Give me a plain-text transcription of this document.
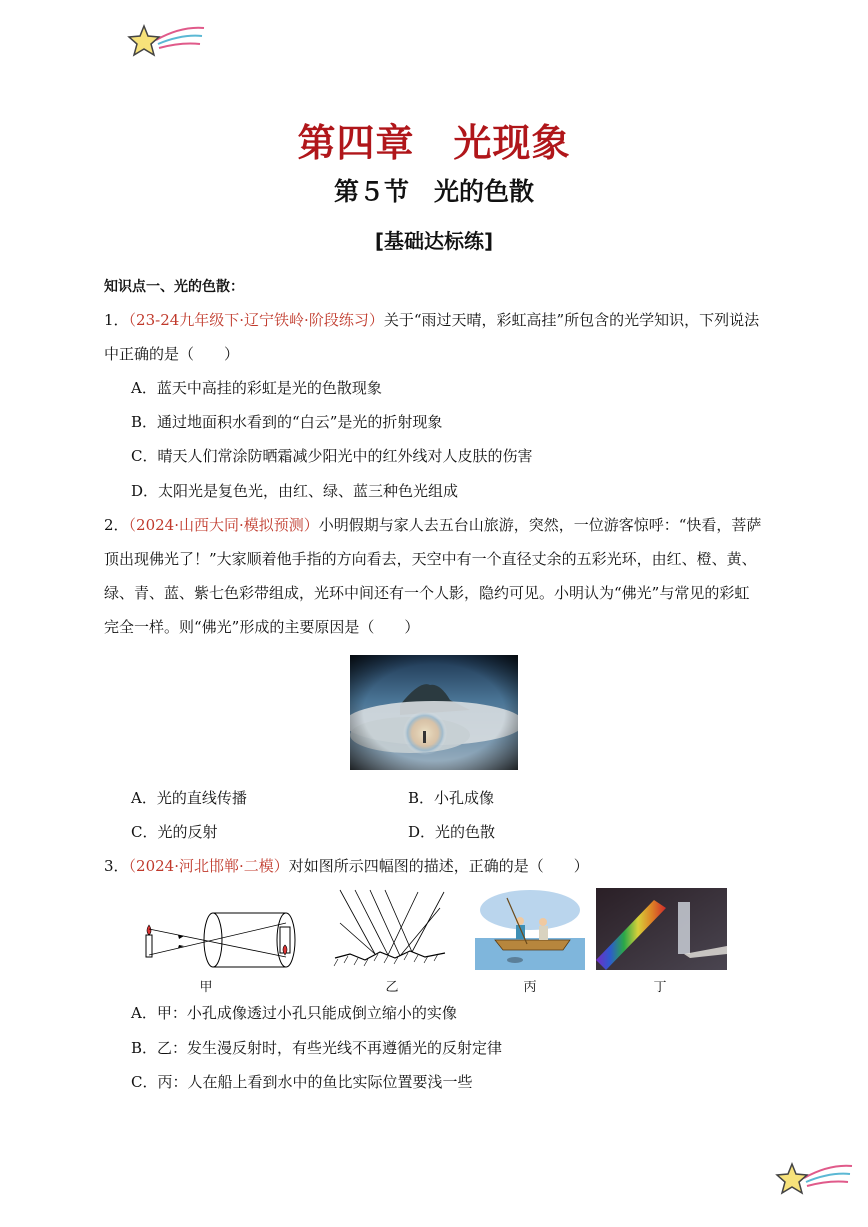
第四章　光现象
第５节　光的色散
[基础达标练]
知识点一、光的色散：
1．（23-24九年级下·辽宁铁岭·阶段练习）关于“雨过天晴，彩虹高挂”所包含的光学知识，下列说法
中正确的是（　　）
A．蓝天中高挂的彩虹是光的色散现象
B．通过地面积水看到的“白云”是光的折射现象
C．晴天人们常涂防晒霜减少阳光中的红外线对人皮肤的伤害
D．太阳光是复色光，由红、绿、蓝三种色光组成
2．（2024·山西大同·模拟预测）小明假期与家人去五台山旅游，突然，一位游客惊呼：“快看，菩萨
顶出现佛光了！”大家顺着他手指的方向看去，天空中有一个直径丈余的五彩光环，由红、橙、黄、
绿、青、蓝、紫七色彩带组成，光环中间还有一个人影，隐约可见。小明认为“佛光”与常见的彩虹
完全一样。则“佛光”形成的主要原因是（　　）
A．光的直线传播	B．小孔成像
C．光的反射	D．光的色散
3．（2024·河北邯郸·二模）对如图所示四幅图的描述，正确的是（　　）
甲	乙	丙	丁
A．甲：小孔成像透过小孔只能成倒立缩小的实像
B．乙：发生漫反射时，有些光线不再遵循光的反射定律
C．丙：人在船上看到水中的鱼比实际位置要浅一些
